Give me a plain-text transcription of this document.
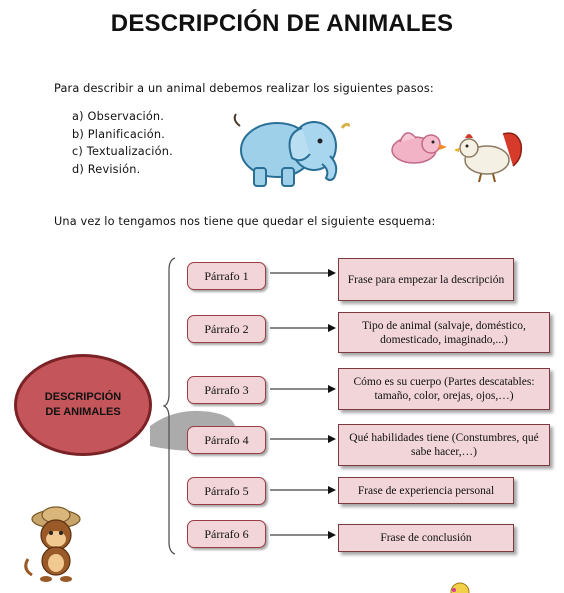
DESCRIPCIÓN DE ANIMALES
Para describir a un animal debemos realizar los siguientes pasos:
a) Observación.
b) Planificación.
c) Textualización.
d) Revisión.
Una vez lo tengamos nos tiene que quedar el siguiente esquema:
DESCRIPCIÓN
DE ANIMALES
Párrafo 1
Párrafo 2
Párrafo 3
Párrafo 4
Párrafo 5
Párrafo 6
Frase para empezar la descripción
Tipo de animal (salvaje, doméstico, domesticado, imaginado,...)
Cómo es su cuerpo (Partes descatables: tamaño, color, orejas, ojos,…)
Qué habilidades tiene (Constumbres, qué sabe hacer,…)
Frase de experiencia personal
Frase de conclusión
